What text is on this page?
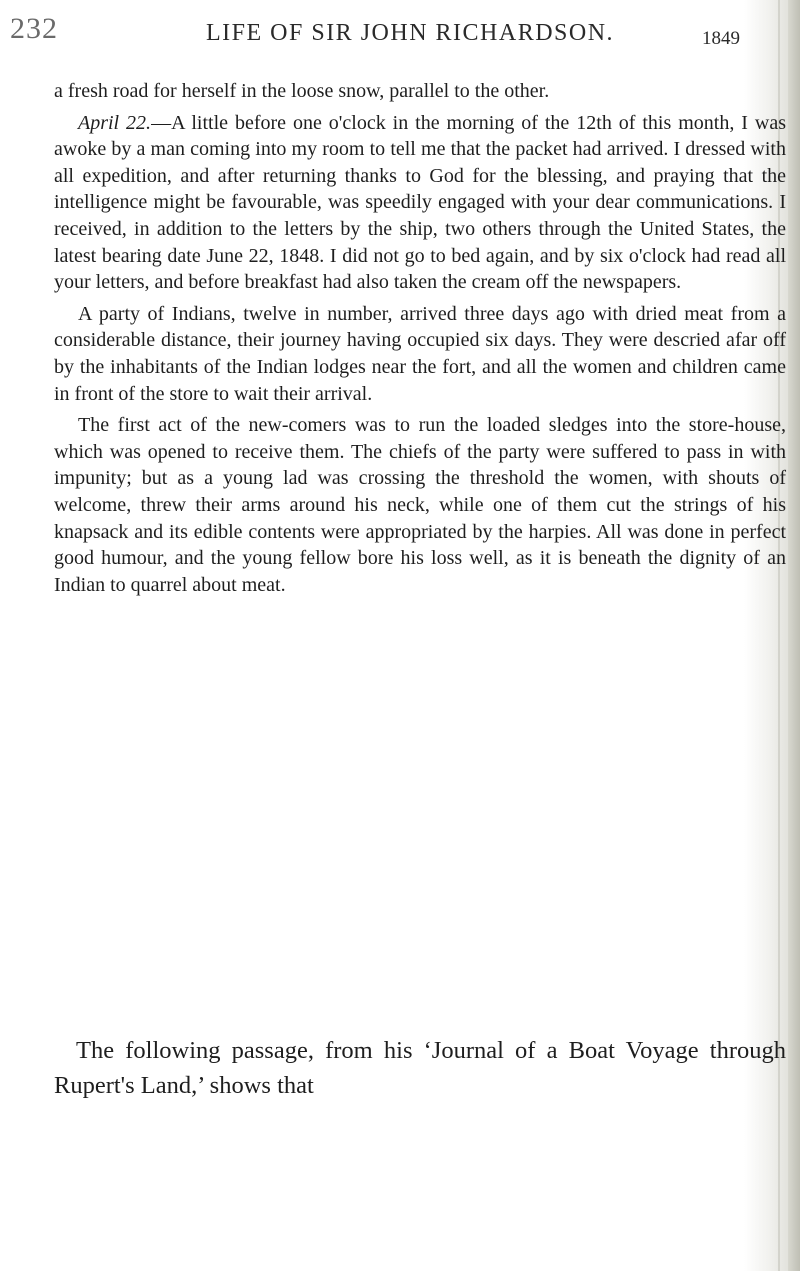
232	LIFE OF SIR JOHN RICHARDSON.	1849

a fresh road for herself in the loose snow, parallel to the other.

April 22.—A little before one o'clock in the morning of the 12th of this month, I was awoke by a man coming into my room to tell me that the packet had arrived. I dressed with all expedition, and after returning thanks to God for the blessing, and praying that the intelligence might be favourable, was speedily engaged with your dear communications. I received, in addition to the letters by the ship, two others through the United States, the latest bearing date June 22, 1848. I did not go to bed again, and by six o'clock had read all your letters, and before breakfast had also taken the cream off the newspapers.

A party of Indians, twelve in number, arrived three days ago with dried meat from a considerable distance, their journey having occupied six days. They were descried afar off by the inhabitants of the Indian lodges near the fort, and all the women and children came in front of the store to wait their arrival.

The first act of the new-comers was to run the loaded sledges into the store-house, which was opened to receive them. The chiefs of the party were suffered to pass in with impunity; but as a young lad was crossing the threshold the women, with shouts of welcome, threw their arms around his neck, while one of them cut the strings of his knapsack and its edible contents were appropriated by the harpies. All was done in perfect good humour, and the young fellow bore his loss well, as it is beneath the dignity of an Indian to quarrel about meat.

The following passage, from his ‘Journal of a Boat Voyage through Rupert's Land,’ shows that
